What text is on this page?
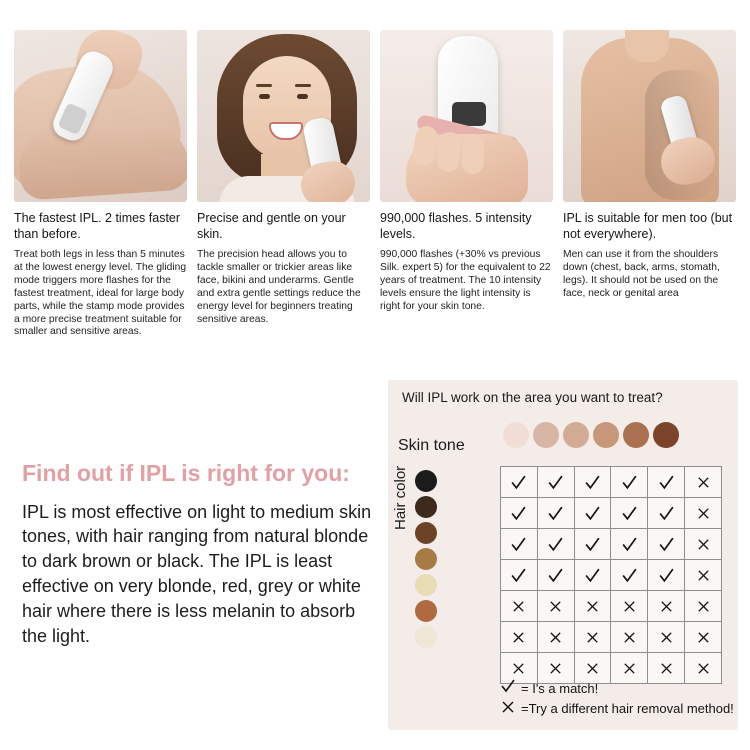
The fastest IPL. 2 times faster than before.
Treat both legs in less than 5 minutes at the lowest energy level. The gliding mode triggers more flashes for the fastest treatment, ideal for large body parts, while the stamp mode provides a more precise treatment suitable for smaller and sensitive areas.
Precise and gentle on your skin.
The precision head allows you to tackle smaller or trickier areas like face, bikini and underarms. Gentle and extra gentle settings reduce the energy level for beginners treating sensitive areas.
990,000 flashes. 5 intensity levels.
990,000 flashes (+30% vs previous Silk. expert 5) for the equivalent to 22 years of treatment. The 10 intensity levels ensure the light intensity is right for your skin tone.
IPL is suitable for men too (but not everywhere).
Men can use it from the shoulders down (chest, back, arms, stomath, legs). It should not be used on the face, neck or genital area
Find out if IPL is right for you:
IPL is most effective on light to medium skin tones, with hair ranging from natural blonde to dark brown or black. The IPL is least effective on very blonde, red, grey or white hair where there is less melanin to absorb the light.
Will IPL work on the area you want to treat?
Skin tone
Hair color
= I's a match!
=Try a different hair removal method!
